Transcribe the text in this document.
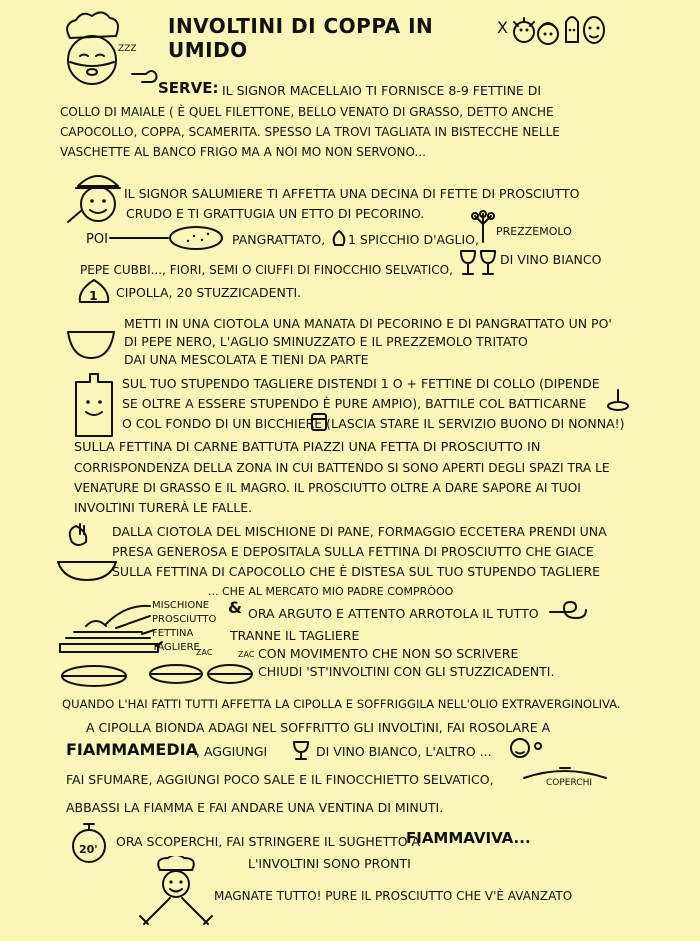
INVOLTINI DI COPPA IN UMIDO
X
ZZZ
SERVE: IL SIGNOR MACELLAIO TI FORNISCE 8-9 FETTINE DI
COLLO DI MAIALE ( È QUEL FILETTONE, BELLO VENATO DI GRASSO, DETTO ANCHE
CAPOCOLLO, COPPA, SCAMERITA. SPESSO LA TROVI TAGLIATA IN BISTECCHE NELLE
VASCHETTE AL BANCO FRIGO MA A NOI MO NON SERVONO...
IL SIGNOR SALUMIERE TI AFFETTA UNA DECINA DI FETTE DI PROSCIUTTO
CRUDO E TI GRATTUGIA UN ETTO DI PECORINO.
POI	PANGRATTATO, 1 SPICCHIO D'AGLIO,
PREZZEMOLO
PEPE CUBBI..., FIORI, SEMI O CIUFFI DI FINOCCHIO SELVATICO,
DI VINO BIANCO
1 CIPOLLA, 20 STUZZICADENTI.
METTI IN UNA CIOTOLA UNA MANATA DI PECORINO E DI PANGRATTATO UN PO'
DI PEPE NERO, L'AGLIO SMINUZZATO E IL PREZZEMOLO TRITATO
DAI UNA MESCOLATA E TIENI DA PARTE
SUL TUO STUPENDO TAGLIERE DISTENDI 1 O + FETTINE DI COLLO (DIPENDE
SE OLTRE A ESSERE STUPENDO È PURE AMPIO), BATTILE COL BATTICARNE
O COL FONDO DI UN BICCHIERE (LASCIA STARE IL SERVIZIO BUONO DI NONNA!)
SULLA FETTINA DI CARNE BATTUTA PIAZZI UNA FETTA DI PROSCIUTTO IN
CORRISPONDENZA DELLA ZONA IN CUI BATTENDO SI SONO APERTI DEGLI SPAZI TRA LE
VENATURE DI GRASSO E IL MAGRO. IL PROSCIUTTO OLTRE A DARE SAPORE AI TUOI
INVOLTINI TURERÀ LE FALLE.
DALLA CIOTOLA DEL MISCHIONE DI PANE, FORMAGGIO ECCETERA PRENDI UNA
PRESA GENEROSA E DEPOSITALA SULLA FETTINA DI PROSCIUTTO CHE GIACE
SULLA FETTINA DI CAPOCOLLO CHE È DISTESA SUL TUO STUPENDO TAGLIERE
... CHE AL MERCATO MIO PADRE COMPRÒOO
MISCHIONE
PROSCIUTTO
FETTINA
TAGLIERE
& ORA ARGUTO E ATTENTO ARROTOLA IL TUTTO
TRANNE IL TAGLIERE
ZAC	ZAC CON MOVIMENTO CHE NON SO SCRIVERE
CHIUDI 'ST'INVOLTINI CON GLI STUZZICADENTI.
QUANDO L'HAI FATTI TUTTI AFFETTA LA CIPOLLA E SOFFRIGGILA NELL'OLIO EXTRAVERGINOLIVA.
A CIPOLLA BIONDA ADAGI NEL SOFFRITTO GLI INVOLTINI, FAI ROSOLARE A
FIAMMAMEDIA
, AGGIUNGI	DI VINO BIANCO, L'ALTRO ...
FAI SFUMARE, AGGIUNGI POCO SALE E IL FINOCCHIETTO SELVATICO,	COPERCHI
ABBASSI LA FIAMMA E FAI ANDARE UNA VENTINA DI MINUTI.
20'
ORA SCOPERCHI, FAI STRINGERE IL SUGHETTO A
FIAMMAVIVA...
L'INVOLTINI SONO PRONTI
MAGNATE TUTTO! PURE IL PROSCIUTTO CHE V'È AVANZATO
